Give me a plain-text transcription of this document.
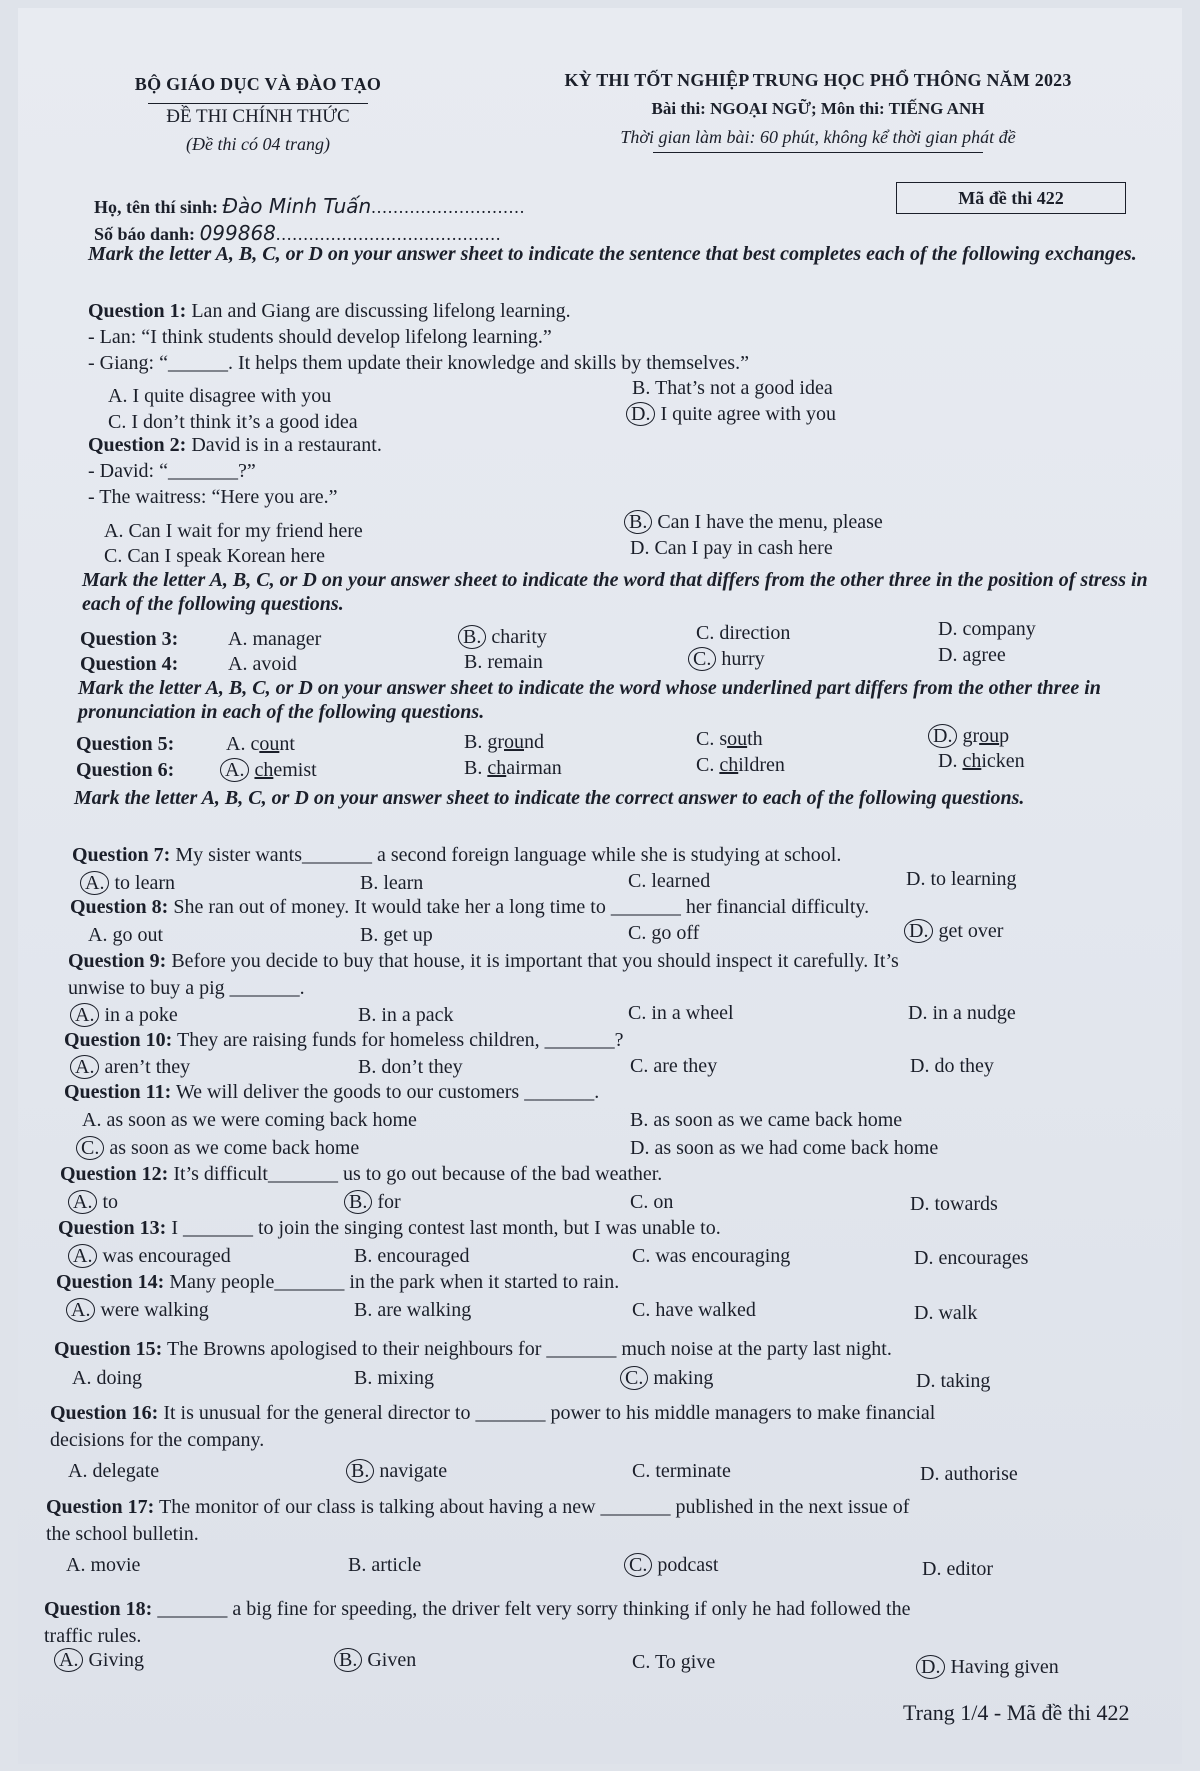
BỘ GIÁO DỤC VÀ ĐÀO TẠO
ĐỀ THI CHÍNH THỨC
(Đề thi có 04 trang)
KỲ THI TỐT NGHIỆP TRUNG HỌC PHỔ THÔNG NĂM 2023
Bài thi: NGOẠI NGỮ; Môn thi: TIẾNG ANH
Thời gian làm bài: 60 phút, không kể thời gian phát đề
Mã đề thi 422
Họ, tên thí sinh: Đào Minh Tuấn............................
Số báo danh: 099868.........................................
Mark the letter A, B, C, or D on your answer sheet to indicate the sentence that best completes each of the following exchanges.
Question 1: Lan and Giang are discussing lifelong learning.
- Lan: “I think students should develop lifelong learning.”
- Giang: “______. It helps them update their knowledge and skills by themselves.”
A. I quite disagree with you	B. That’s not a good idea
C. I don’t think it’s a good idea	D. I quite agree with you
Question 2: David is in a restaurant.
- David: “_______?”
- The waitress: “Here you are.”
A. Can I wait for my friend here	B. Can I have the menu, please
C. Can I speak Korean here	D. Can I pay in cash here
Mark the letter A, B, C, or D on your answer sheet to indicate the word that differs from the other three in the position of stress in each of the following questions.
Question 3: A. manager	B. charity	C. direction	D. company
Question 4: A. avoid	B. remain	C. hurry	D. agree
Mark the letter A, B, C, or D on your answer sheet to indicate the word whose underlined part differs from the other three in pronunciation in each of the following questions.
Question 5:	A. count	B. ground	C. south	D. group
Question 6:	A. chemist	B. chairman	C. children	D. chicken
Mark the letter A, B, C, or D on your answer sheet to indicate the correct answer to each of the following questions.
Question 7: My sister wants_______ a second foreign language while she is studying at school.
A. to learn	B. learn	C. learned	D. to learning
Question 8: She ran out of money. It would take her a long time to _______ her financial difficulty.
A. go out	B. get up	C. go off	D. get over
Question 9: Before you decide to buy that house, it is important that you should inspect it carefully. It’s
unwise to buy a pig _______.
A. in a poke	B. in a pack	C. in a wheel	D. in a nudge
Question 10: They are raising funds for homeless children, _______?
A. aren’t they	B. don’t they	C. are they	D. do they
Question 11: We will deliver the goods to our customers _______.
A. as soon as we were coming back home	B. as soon as we came back home
C. as soon as we come back home	D. as soon as we had come back home
Question 12: It’s difficult_______ us to go out because of the bad weather.
A. to	B. for	C. on	D. towards
Question 13: I _______ to join the singing contest last month, but I was unable to.
A. was encouraged	B. encouraged	C. was encouraging	D. encourages
Question 14: Many people_______ in the park when it started to rain.
A. were walking	B. are walking	C. have walked	D. walk
Question 15: The Browns apologised to their neighbours for _______ much noise at the party last night.
A. doing	B. mixing	C. making	D. taking
Question 16: It is unusual for the general director to _______ power to his middle managers to make financial
decisions for the company.
A. delegate	B. navigate	C. terminate	D. authorise
Question 17: The monitor of our class is talking about having a new _______ published in the next issue of
the school bulletin.
A. movie	B. article	C. podcast	D. editor
Question 18: _______ a big fine for speeding, the driver felt very sorry thinking if only he had followed the
traffic rules.
A. Giving	B. Given	C. To give	D. Having given
Trang 1/4 - Mã đề thi 422
